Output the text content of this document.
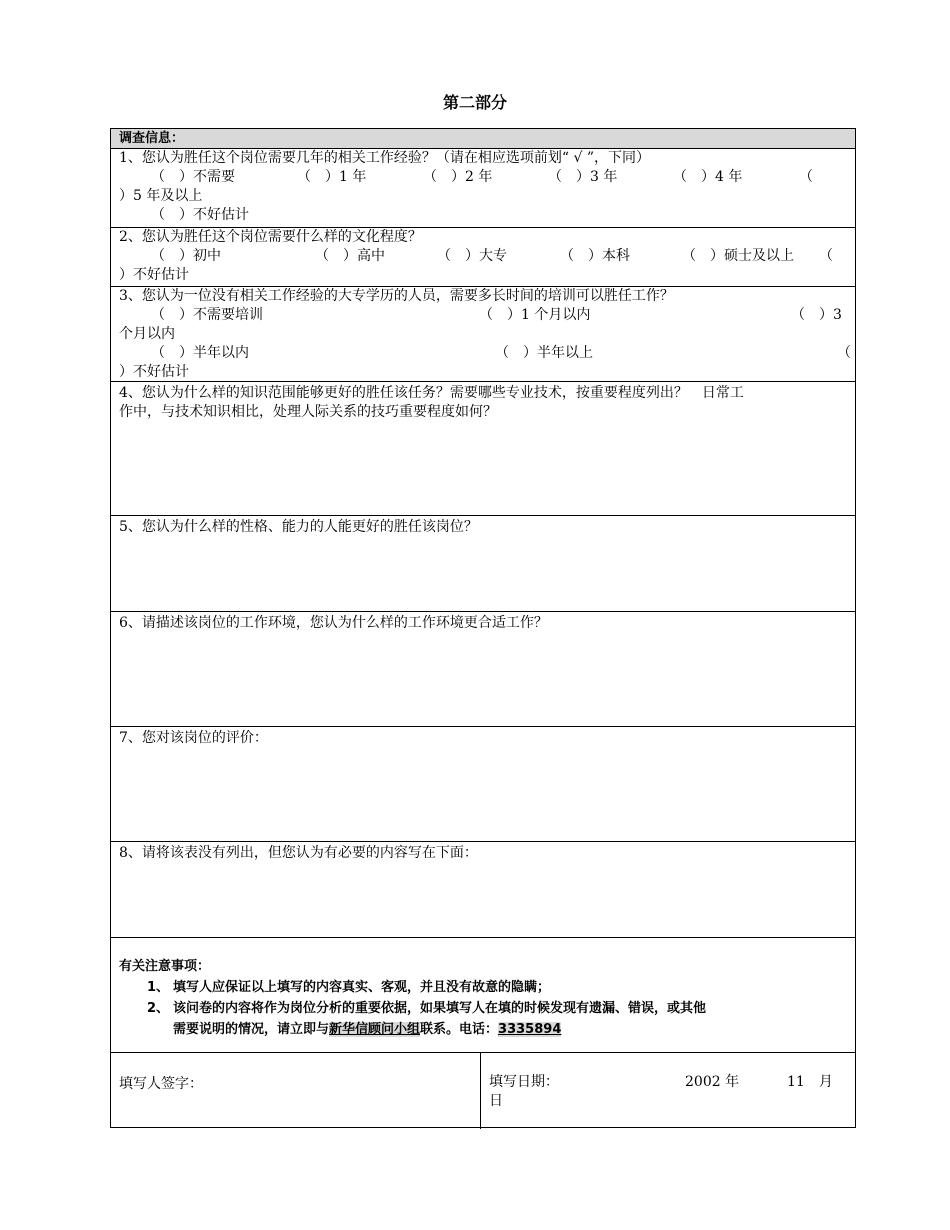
第二部分
调查信息：
1、您认为胜任这个岗位需要几年的相关工作经验？（请在相应选项前划“ √ ”，下同）
（　）不需要	（　）1 年	（　）2 年	（　）3 年	（　）4 年	（
）5 年及以上
（　）不好估计
2、您认为胜任这个岗位需要什么样的文化程度？
（　）初中	（　）高中	（　）大专	（　）本科	（　）硕士及以上 （
）不好估计
3、您认为一位没有相关工作经验的大专学历的人员，需要多长时间的培训可以胜任工作？
（　）不需要培训	（　）1 个月以内	（　）3
个月以内
（　）半年以内	（　）半年以上	（
）不好估计
4、您认为什么样的知识范围能够更好的胜任该任务？需要哪些专业技术，按重要程度列出？　日常工
作中，与技术知识相比，处理人际关系的技巧重要程度如何？
5、您认为什么样的性格、能力的人能更好的胜任该岗位？
6、请描述该岗位的工作环境，您认为什么样的工作环境更合适工作？
7、您对该岗位的评价：
8、请将该表没有列出，但您认为有必要的内容写在下面：
有关注意事项：
1、 填写人应保证以上填写的内容真实、客观，并且没有故意的隐瞒；
2、 该问卷的内容将作为岗位分析的重要依据，如果填写人在填的时候发现有遗漏、错误，或其他
需要说明的情况，请立即与新华信顾问小组联系。电话：3335894
填写人签字：	填写日期：	2002 年	11　月
日
